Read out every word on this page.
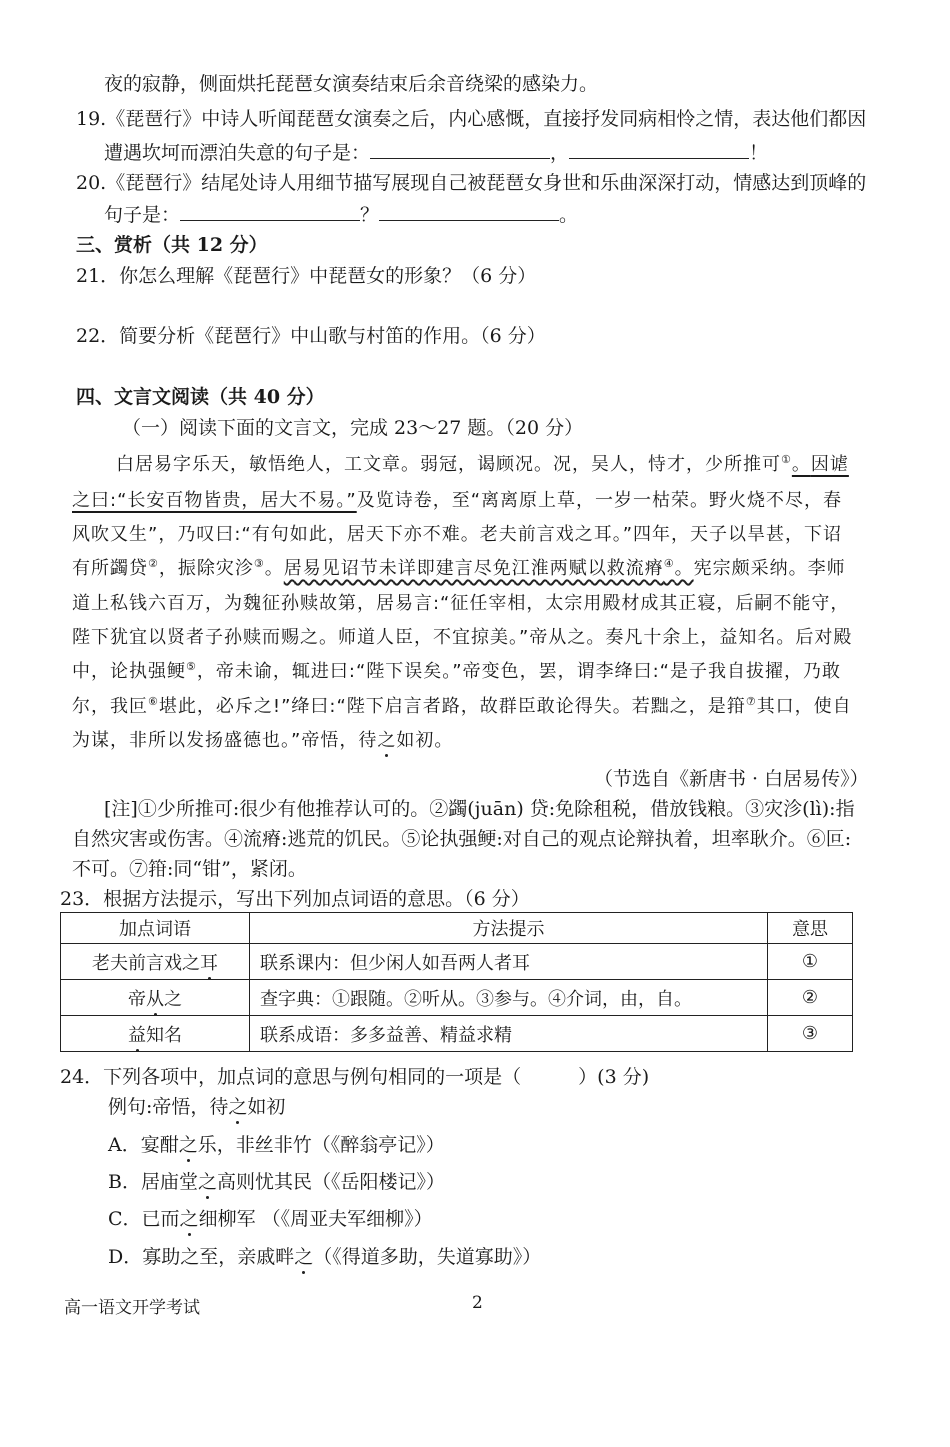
夜的寂静，侧面烘托琵琶女演奏结束后余音绕梁的感染力。
19.《琵琶行》中诗人听闻琵琶女演奏之后，内心感慨，直接抒发同病相怜之情，表达他们都因
遭遇坎坷而漂泊失意的句子是：	，	！
20.《琵琶行》结尾处诗人用细节描写展现自己被琵琶女身世和乐曲深深打动，情感达到顶峰的
句子是：	？	。
三、赏析（共 12 分）
21．你怎么理解《琵琶行》中琵琶女的形象？（6 分）
22．简要分析《琵琶行》中山歌与村笛的作用。（6 分）
四、文言文阅读（共 40 分）
（一）阅读下面的文言文，完成 23～27 题。（20 分）
白居易字乐天，敏悟绝人，工文章。弱冠，谒顾况。况，吴人，恃才，少所推可①。因谑
之曰:“长安百物皆贵，居大不易。”及览诗卷，至“离离原上草，一岁一枯荣。野火烧不尽，春
风吹又生”，乃叹曰:“有句如此，居天下亦不难。老夫前言戏之耳。”四年，天子以旱甚，下诏
有所蠲贷②，振除灾沴③。居易见诏节未详即建言尽免江淮两赋以救流瘠④。宪宗颇采纳。李师
道上私钱六百万，为魏征孙赎故第，居易言:“征任宰相，太宗用殿材成其正寝，后嗣不能守，
陛下犹宜以贤者子孙赎而赐之。师道人臣，不宜掠美。”帝从之。奏凡十余上，益知名。后对殿
中，论执强鲠⑤，帝未谕，辄进曰:“陛下误矣。”帝变色，罢，谓李绛曰:“是子我自拔擢，乃敢
尔，我叵⑥堪此，必斥之!”绛曰:“陛下启言者路，故群臣敢论得失。若黜之，是箝⑦其口，使自
为谋，非所以发扬盛德也。”帝悟，待之如初。
（节选自《新唐书 · 白居易传》）
[注]①少所推可:很少有他推荐认可的。②蠲(juān) 贷:免除租税，借放钱粮。③灾沴(lì):指
自然灾害或伤害。④流瘠:逃荒的饥民。⑤论执强鲠:对自己的观点论辩执着，坦率耿介。⑥叵:
不可。⑦箝:同“钳”，紧闭。
23．根据方法提示，写出下列加点词语的意思。（6 分）
加点词语	方法提示	意思
老夫前言戏之耳	联系课内：但少闲人如吾两人者耳	①
帝从之	查字典：①跟随。②听从。③参与。④介词，由，自。	②
益知名	联系成语：多多益善、精益求精	③
24．下列各项中，加点词的意思与例句相同的一项是（　　　）(3 分)
例句:帝悟，待之如初
A．宴酣之乐，非丝非竹（《醉翁亭记》）
B．居庙堂之高则忧其民（《岳阳楼记》）
C．已而之细柳军 （《周亚夫军细柳》）
D．寡助之至，亲戚畔之（《得道多助，失道寡助》）
高一语文开学考试	2
